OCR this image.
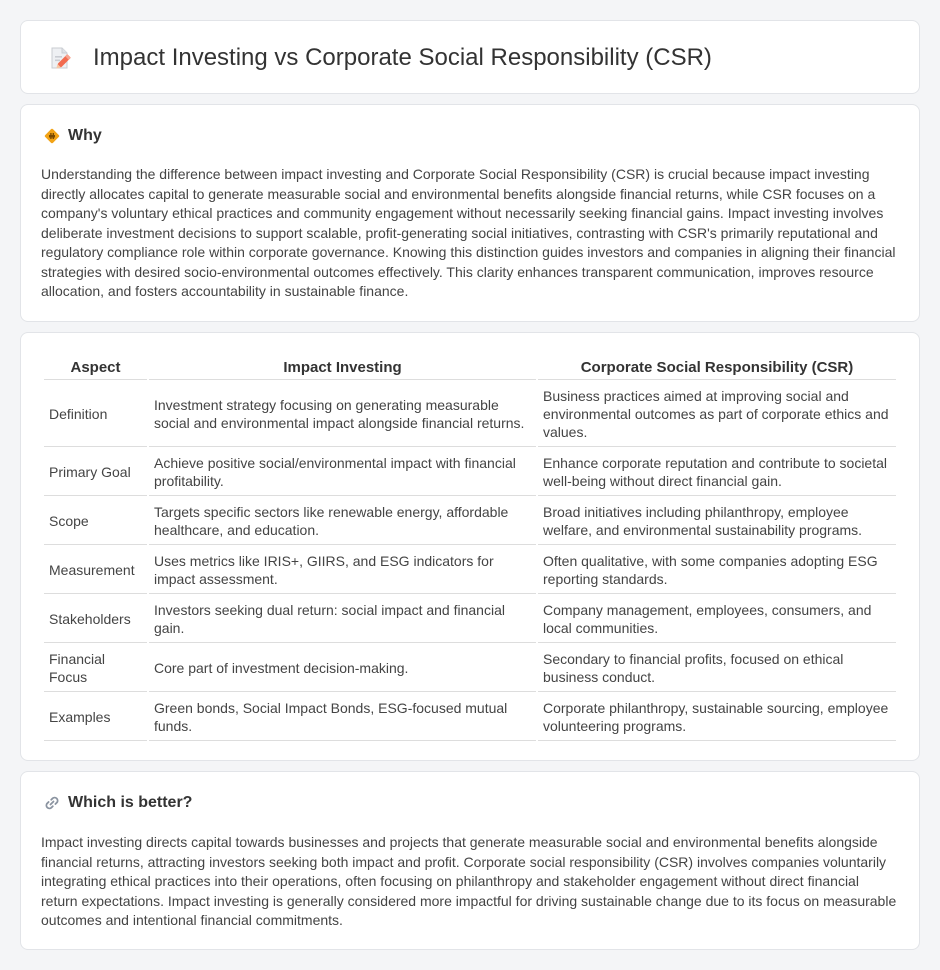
Impact Investing vs Corporate Social Responsibility (CSR)
Why

Understanding the difference between impact investing and Corporate Social Responsibility (CSR) is crucial because impact investing directly allocates capital to generate measurable social and environmental benefits alongside financial returns, while CSR focuses on a company's voluntary ethical practices and community engagement without necessarily seeking financial gains. Impact investing involves deliberate investment decisions to support scalable, profit-generating social initiatives, contrasting with CSR's primarily reputational and regulatory compliance role within corporate governance. Knowing this distinction guides investors and companies in aligning their financial strategies with desired socio-environmental outcomes effectively. This clarity enhances transparent communication, improves resource allocation, and fosters accountability in sustainable finance.

Aspect	Impact Investing	Corporate Social Responsibility (CSR)
Definition	Investment strategy focusing on generating measurable social and environmental impact alongside financial returns.	Business practices aimed at improving social and environmental outcomes as part of corporate ethics and values.
Primary Goal	Achieve positive social/environmental impact with financial profitability.	Enhance corporate reputation and contribute to societal well-being without direct financial gain.
Scope	Targets specific sectors like renewable energy, affordable healthcare, and education.	Broad initiatives including philanthropy, employee welfare, and environmental sustainability programs.
Measurement	Uses metrics like IRIS+, GIIRS, and ESG indicators for impact assessment.	Often qualitative, with some companies adopting ESG reporting standards.
Stakeholders	Investors seeking dual return: social impact and financial gain.	Company management, employees, consumers, and local communities.
Financial Focus	Core part of investment decision-making.	Secondary to financial profits, focused on ethical business conduct.
Examples	Green bonds, Social Impact Bonds, ESG-focused mutual funds.	Corporate philanthropy, sustainable sourcing, employee volunteering programs.
Which is better?

Impact investing directs capital towards businesses and projects that generate measurable social and environmental benefits alongside financial returns, attracting investors seeking both impact and profit. Corporate social responsibility (CSR) involves companies voluntarily integrating ethical practices into their operations, often focusing on philanthropy and stakeholder engagement without direct financial return expectations. Impact investing is generally considered more impactful for driving sustainable change due to its focus on measurable outcomes and intentional financial commitments.
